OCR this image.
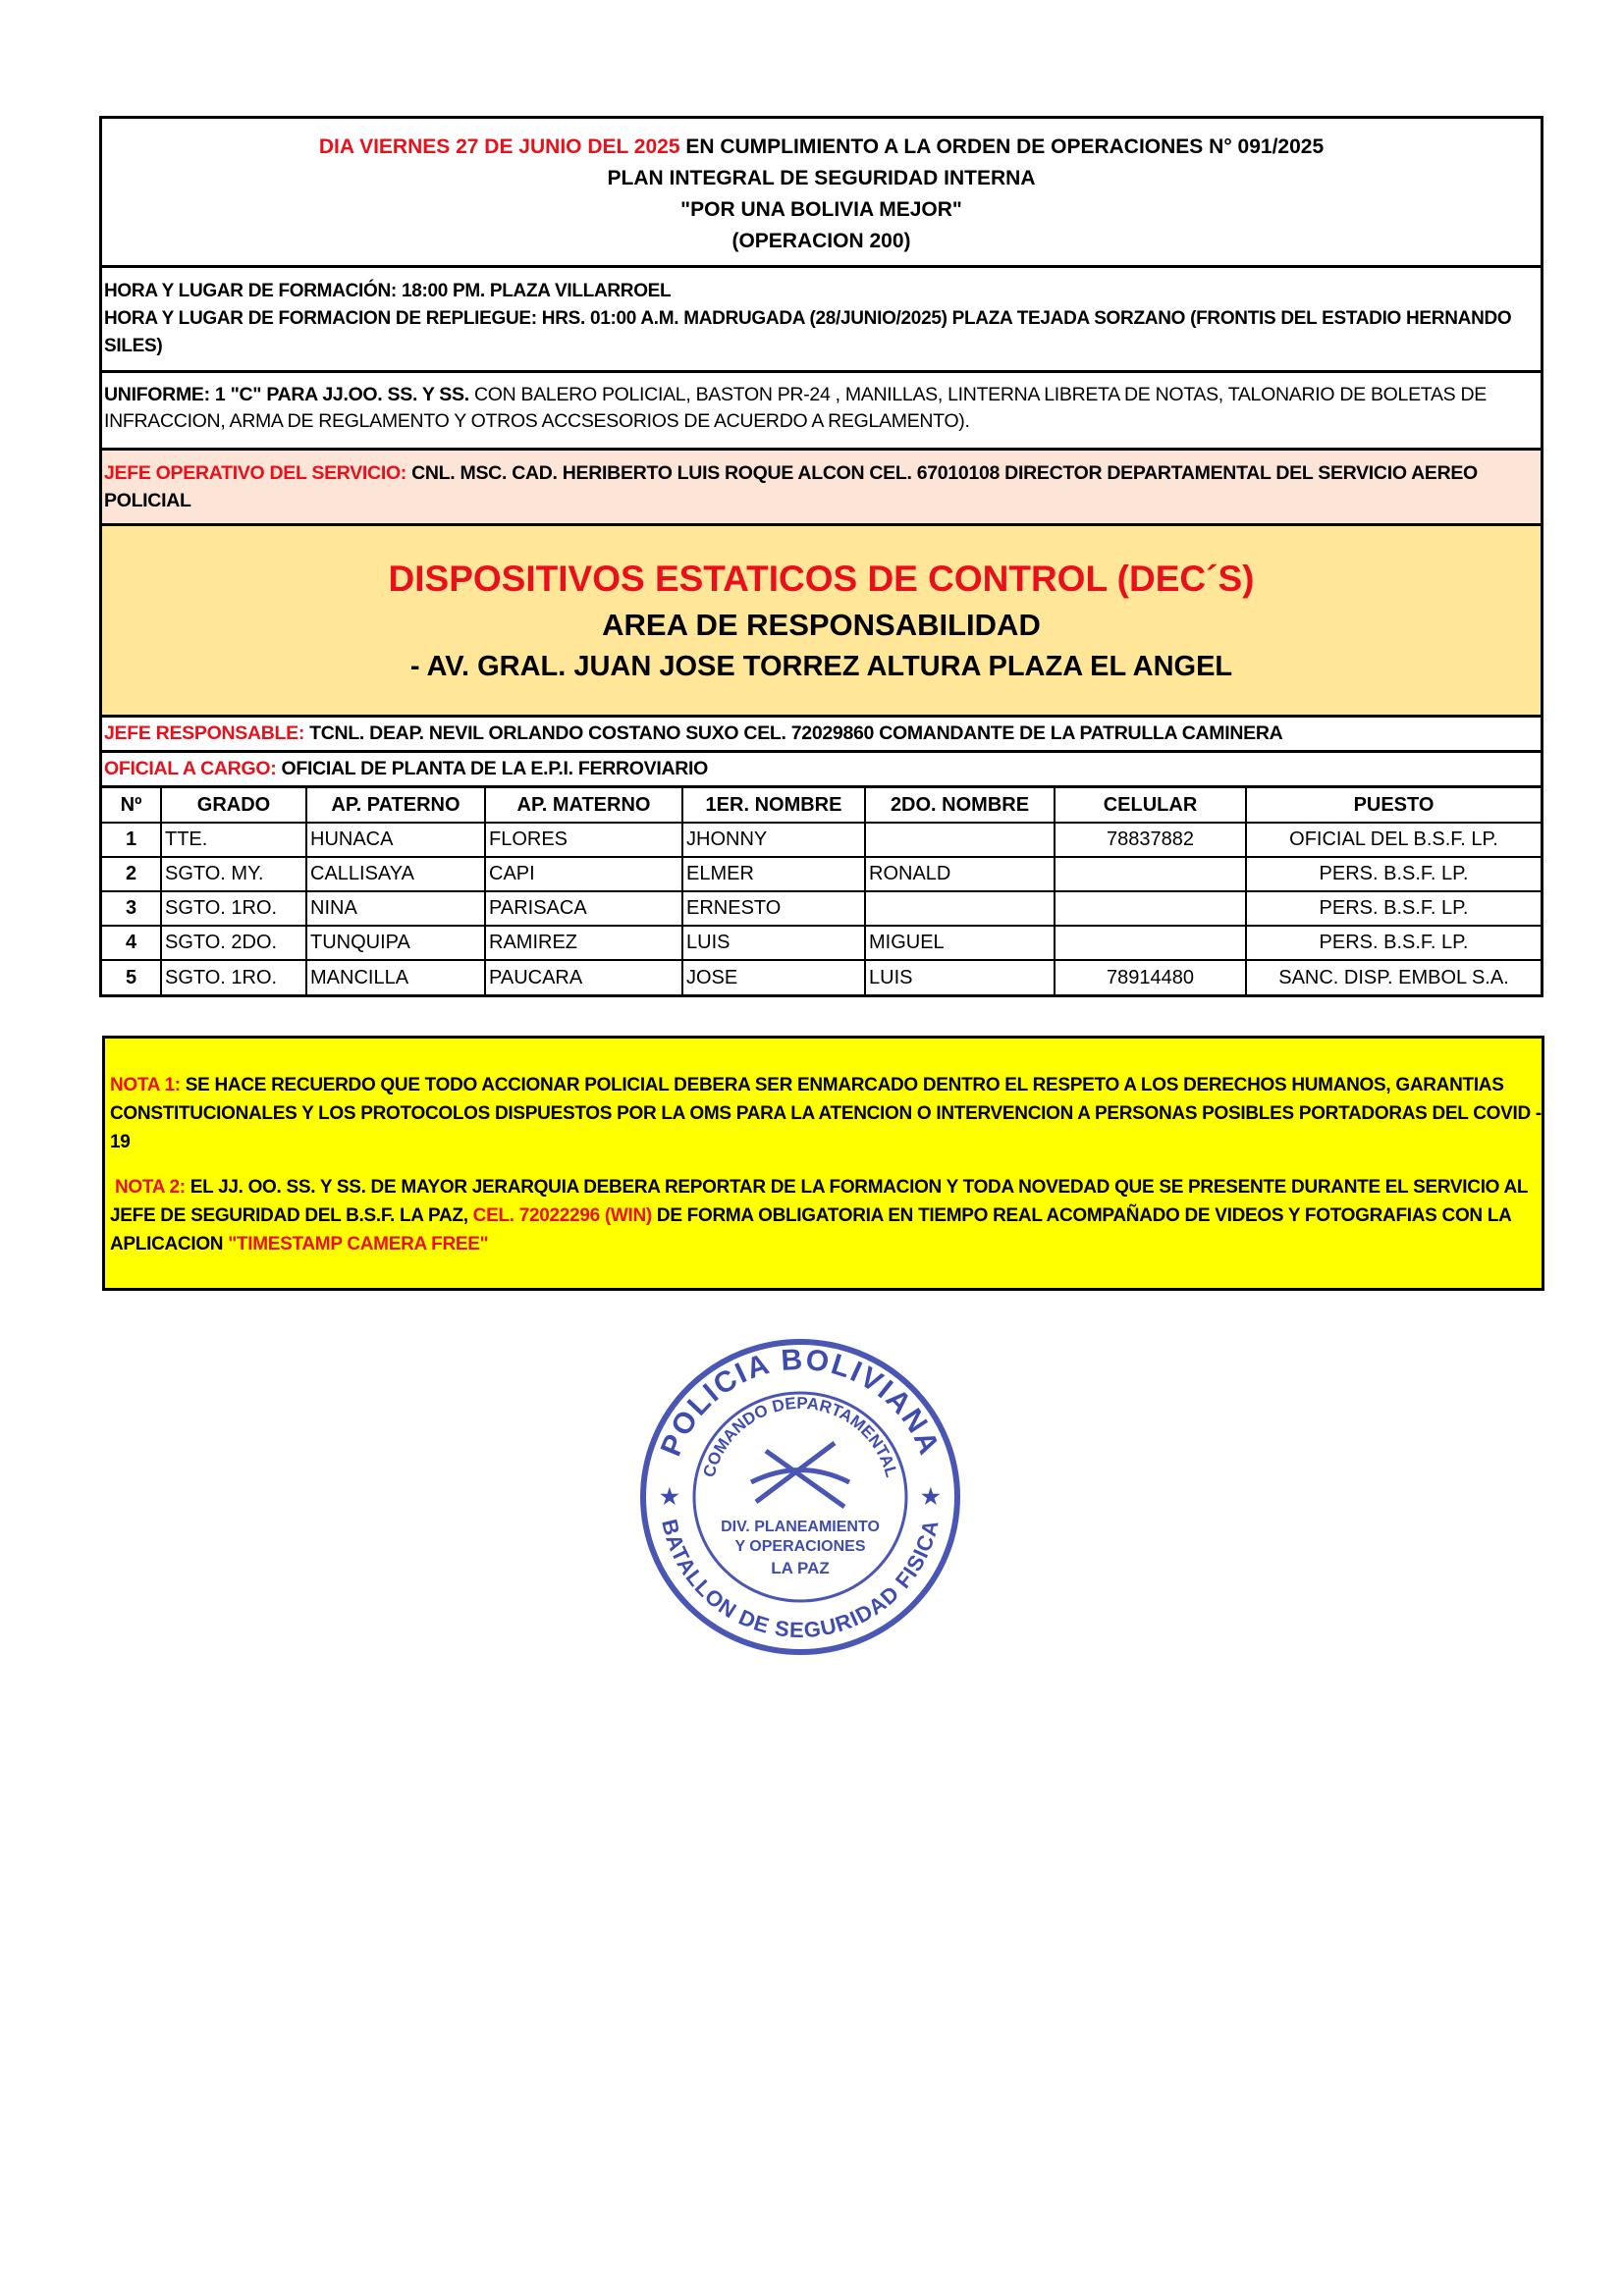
DIA VIERNES 27 DE JUNIO DEL 2025 EN CUMPLIMIENTO A LA ORDEN DE OPERACIONES N° 091/2025
PLAN INTEGRAL DE SEGURIDAD INTERNA
"POR UNA BOLIVIA MEJOR"
(OPERACION 200)
HORA Y LUGAR DE FORMACIÓN: 18:00 PM. PLAZA VILLARROEL
HORA Y LUGAR DE FORMACION DE REPLIEGUE: HRS. 01:00 A.M. MADRUGADA (28/JUNIO/2025) PLAZA TEJADA SORZANO (FRONTIS DEL ESTADIO HERNANDO SILES)
UNIFORME: 1 "C" PARA JJ.OO. SS. Y SS. CON BALERO POLICIAL, BASTON PR-24 , MANILLAS, LINTERNA LIBRETA DE NOTAS, TALONARIO DE BOLETAS DE INFRACCION, ARMA DE REGLAMENTO Y OTROS ACCSESORIOS DE ACUERDO A REGLAMENTO).
JEFE OPERATIVO DEL SERVICIO: CNL. MSC. CAD. HERIBERTO LUIS ROQUE ALCON CEL. 67010108 DIRECTOR DEPARTAMENTAL DEL SERVICIO AEREO POLICIAL
DISPOSITIVOS ESTATICOS DE CONTROL (DEC´S)
AREA DE RESPONSABILIDAD
- AV. GRAL. JUAN JOSE TORREZ ALTURA PLAZA EL ANGEL
JEFE RESPONSABLE: TCNL. DEAP. NEVIL ORLANDO COSTANO SUXO CEL. 72029860 COMANDANTE DE LA PATRULLA CAMINERA
OFICIAL A CARGO: OFICIAL DE PLANTA DE LA E.P.I. FERROVIARIO
Nº	GRADO	AP. PATERNO	AP. MATERNO	1ER. NOMBRE	2DO. NOMBRE	CELULAR	PUESTO
1	TTE.	HUNACA	FLORES	JHONNY		78837882	OFICIAL DEL B.S.F. LP.
2	SGTO. MY.	CALLISAYA	CAPI	ELMER	RONALD		PERS. B.S.F. LP.
3	SGTO. 1RO.	NINA	PARISACA	ERNESTO			PERS. B.S.F. LP.
4	SGTO. 2DO.	TUNQUIPA	RAMIREZ	LUIS	MIGUEL		PERS. B.S.F. LP.
5	SGTO. 1RO.	MANCILLA	PAUCARA	JOSE	LUIS	78914480	SANC. DISP. EMBOL S.A.

NOTA 1: SE HACE RECUERDO QUE TODO ACCIONAR POLICIAL DEBERA SER ENMARCADO DENTRO EL RESPETO A LOS DERECHOS HUMANOS, GARANTIAS CONSTITUCIONALES Y LOS PROTOCOLOS DISPUESTOS POR LA OMS PARA LA ATENCION O INTERVENCION A PERSONAS POSIBLES PORTADORAS DEL COVID - 19

NOTA 2: EL JJ. OO. SS. Y SS. DE MAYOR JERARQUIA DEBERA REPORTAR DE LA FORMACION Y TODA NOVEDAD QUE SE PRESENTE DURANTE EL SERVICIO AL JEFE DE SEGURIDAD DEL B.S.F. LA PAZ, CEL. 72022296 (WIN) DE FORMA OBLIGATORIA EN TIEMPO REAL ACOMPAÑADO DE VIDEOS Y FOTOGRAFIAS CON LA APLICACION "TIMESTAMP CAMERA FREE"

POLICIA BOLIVIANA
BATALLON DE SEGURIDAD FISICA
COMANDO DEPARTAMENTAL
DIV. PLANEAMIENTO
Y OPERACIONES
LA PAZ
★	★
